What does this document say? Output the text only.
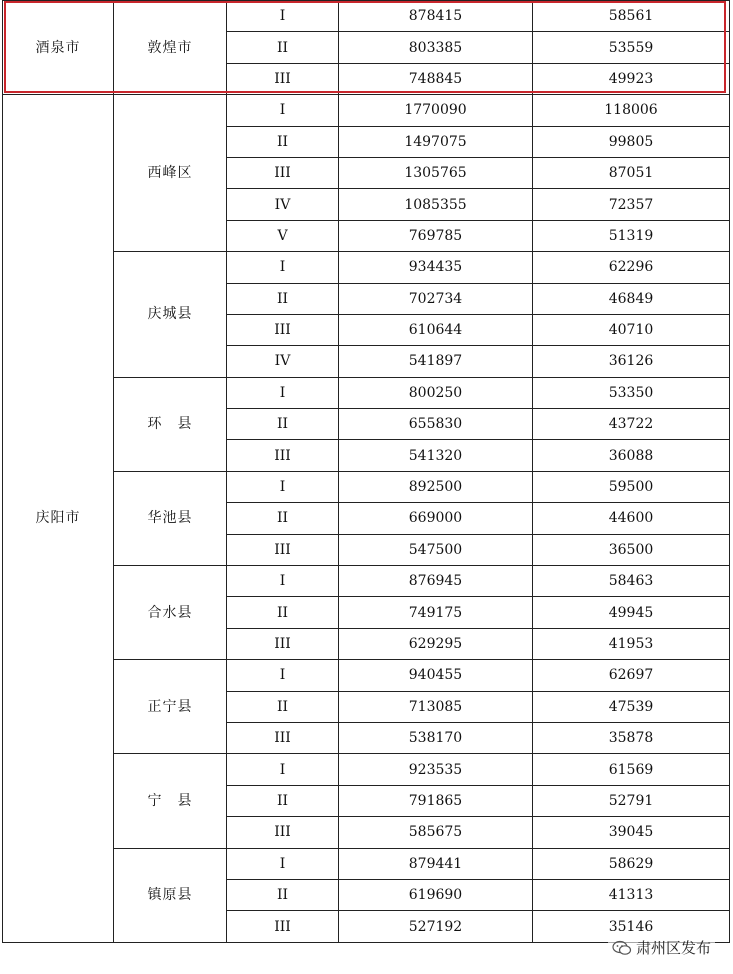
酒泉市	敦煌市	I	878415	58561
		II	803385	53559
		III	748845	49923
庆阳市	西峰区	I	1770090	118006
		II	1497075	99805
		III	1305765	87051
		IV	1085355	72357
		V	769785	51319
	庆城县	I	934435	62296
		II	702734	46849
		III	610644	40710
		IV	541897	36126
	环　县	I	800250	53350
		II	655830	43722
		III	541320	36088
	华池县	I	892500	59500
		II	669000	44600
		III	547500	36500
	合水县	I	876945	58463
		II	749175	49945
		III	629295	41953
	正宁县	I	940455	62697
		II	713085	47539
		III	538170	35878
	宁　县	I	923535	61569
		II	791865	52791
		III	585675	39045
	镇原县	I	879441	58629
		II	619690	41313
		III	527192	35146
肃州区发布
